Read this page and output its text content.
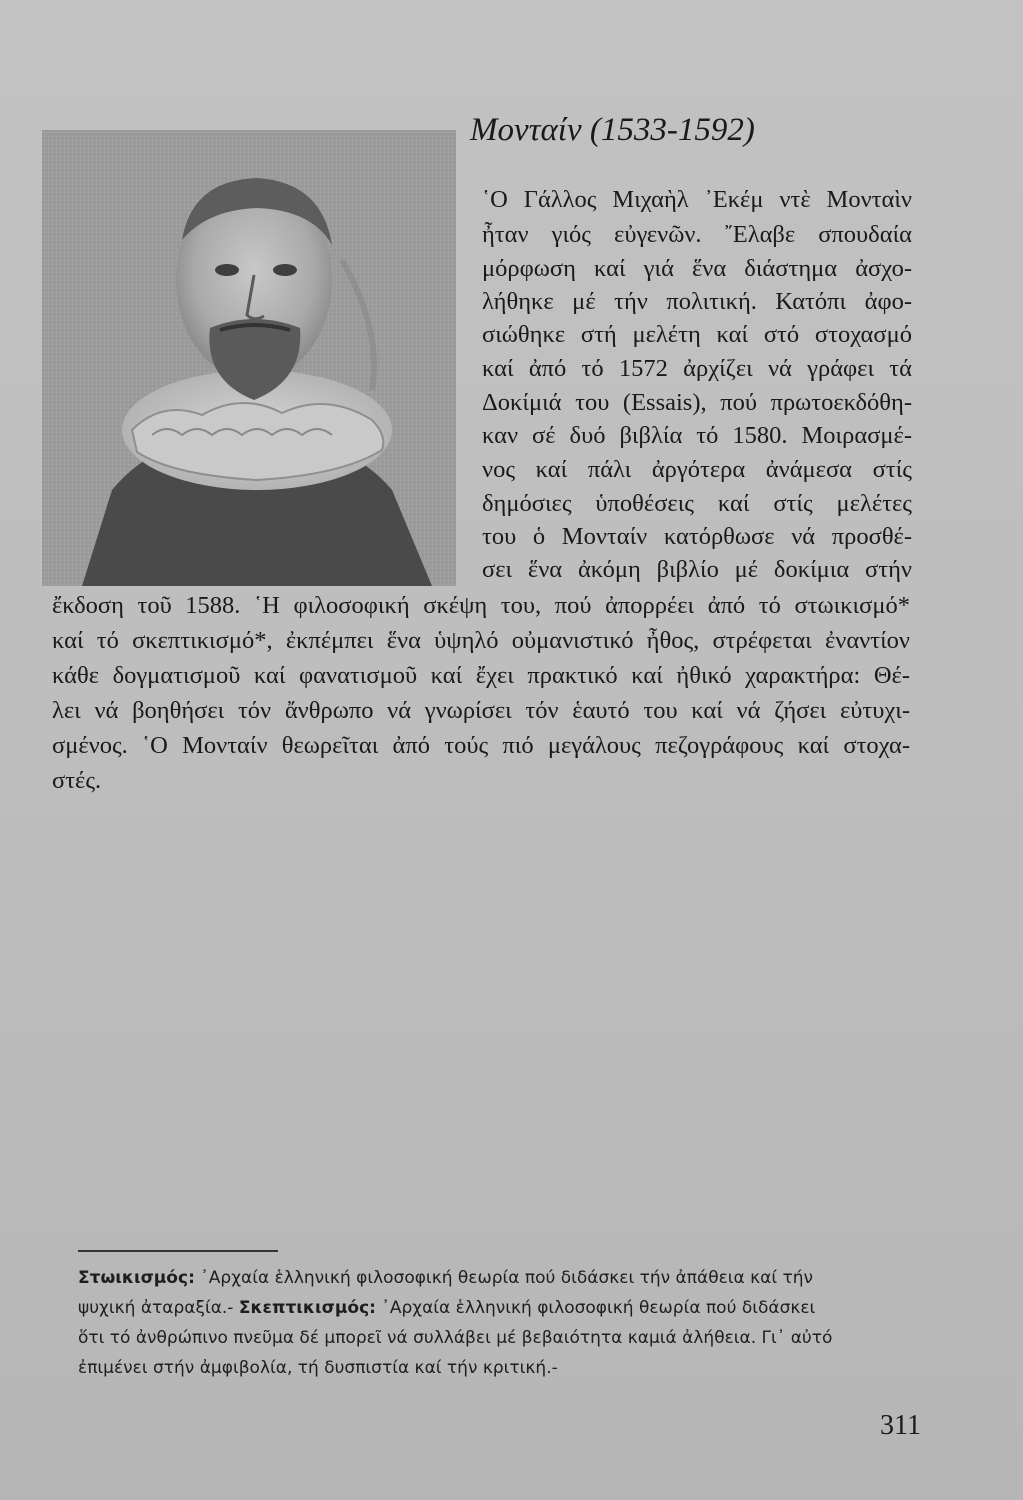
Μονταίν (1533-1592)
῾Ο Γάλλος Μιχαὴλ ᾿Εκέμ ντὲ Μονταὶν
ἦταν γιός εὐγενῶν. ῎Ελαβε σπουδαία
μόρφωση καί γιά ἕνα διάστημα ἀσχο-
λήθηκε μέ τήν πολιτική. Κατόπι ἀφο-
σιώθηκε στή μελέτη καί στό στοχασμό
καί ἀπό τό 1572 ἀρχίζει νά γράφει τά
Δοκίμιά του (Essais), πού πρωτοεκδόθη-
καν σέ δυό βιβλία τό 1580. Μοιρασμέ-
νος καί πάλι ἀργότερα ἀνάμεσα στίς
δημόσιες ὑποθέσεις καί στίς μελέτες
του ὁ Μονταίν κατόρθωσε νά προσθέ-
σει ἕνα ἀκόμη βιβλίο μέ δοκίμια στήν
ἔκδοση τοῦ 1588. ῾Η φιλοσοφική σκέψη του, πού ἀπορρέει ἀπό τό στωικισμό*
καί τό σκεπτικισμό*, ἐκπέμπει ἕνα ὑψηλό οὐμανιστικό ἦθος, στρέφεται ἐναντίον
κάθε δογματισμοῦ καί φανατισμοῦ καί ἔχει πρακτικό καί ἠθικό χαρακτήρα: Θέ-
λει νά βοηθήσει τόν ἄνθρωπο νά γνωρίσει τόν ἑαυτό του καί νά ζήσει εὐτυχι-
σμένος. ῾Ο Μονταίν θεωρεῖται ἀπό τούς πιό μεγάλους πεζογράφους καί στοχα-
στές.
Στωικισμός: ᾿Αρχαία ἑλληνική φιλοσοφική θεωρία πού διδάσκει τήν ἀπάθεια καί τήν
ψυχική ἀταραξία.- Σκεπτικισμός: ᾿Αρχαία ἑλληνική φιλοσοφική θεωρία πού διδάσκει
ὅτι τό ἀνθρώπινο πνεῦμα δέ μπορεῖ νά συλλάβει μέ βεβαιότητα καμιά ἀλήθεια. Γι᾿ αὐτό
ἐπιμένει στήν ἀμφιβολία, τή δυσπιστία καί τήν κριτική.-
311
